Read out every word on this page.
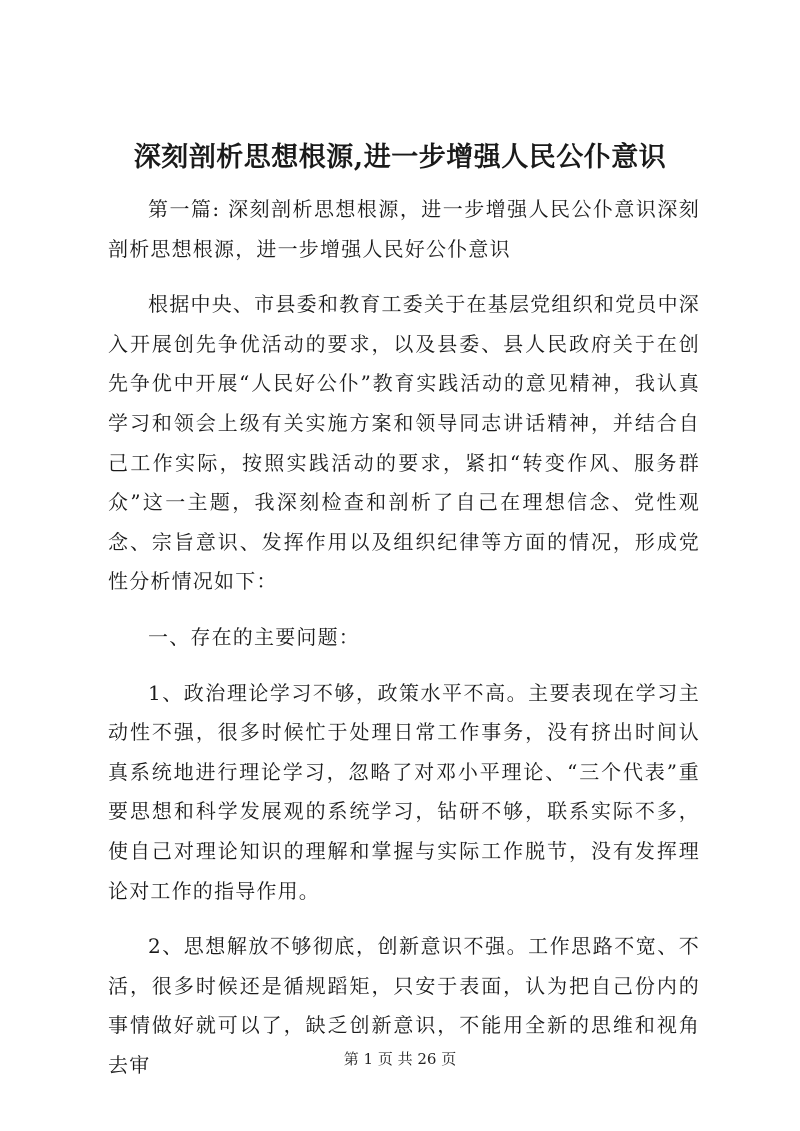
深刻剖析思想根源,进一步增强人民公仆意识

第一篇: 深刻剖析思想根源，进一步增强人民公仆意识深刻剖析思想根源，进一步增强人民好公仆意识

根据中央、市县委和教育工委关于在基层党组织和党员中深入开展创先争优活动的要求，以及县委、县人民政府关于在创先争优中开展“人民好公仆”教育实践活动的意见精神，我认真学习和领会上级有关实施方案和领导同志讲话精神，并结合自己工作实际，按照实践活动的要求，紧扣“转变作风、服务群众”这一主题，我深刻检查和剖析了自己在理想信念、党性观念、宗旨意识、发挥作用以及组织纪律等方面的情况，形成党性分析情况如下：

一、存在的主要问题：

1、政治理论学习不够，政策水平不高。主要表现在学习主动性不强，很多时候忙于处理日常工作事务，没有挤出时间认真系统地进行理论学习，忽略了对邓小平理论、“三个代表”重要思想和科学发展观的系统学习，钻研不够，联系实际不多，使自己对理论知识的理解和掌握与实际工作脱节，没有发挥理论对工作的指导作用。

2、思想解放不够彻底，创新意识不强。工作思路不宽、不活，很多时候还是循规蹈矩，只安于表面，认为把自己份内的事情做好就可以了，缺乏创新意识，不能用全新的思维和视角去审	第 1 页 共 26 页
